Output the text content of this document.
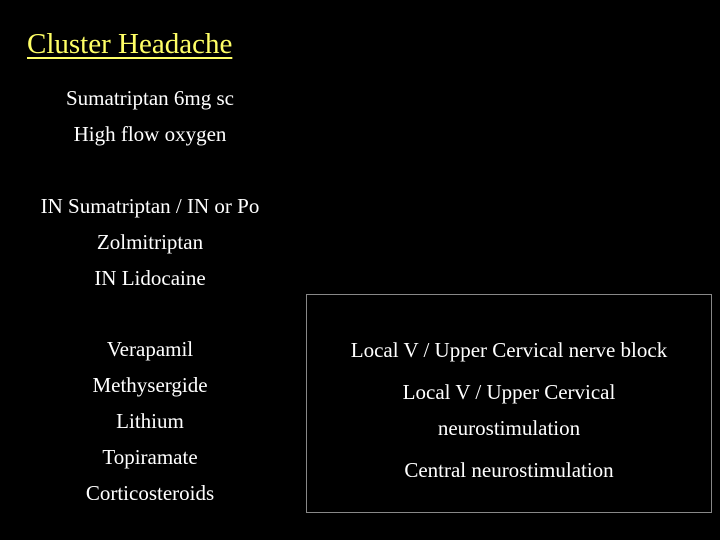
Cluster Headache
Sumatriptan 6mg sc
High flow oxygen
IN Sumatriptan / IN or Po
Zolmitriptan
IN Lidocaine
Verapamil
Methysergide
Lithium
Topiramate
Corticosteroids
Local V / Upper Cervical nerve block
Local V / Upper Cervical
neurostimulation
Central neurostimulation
